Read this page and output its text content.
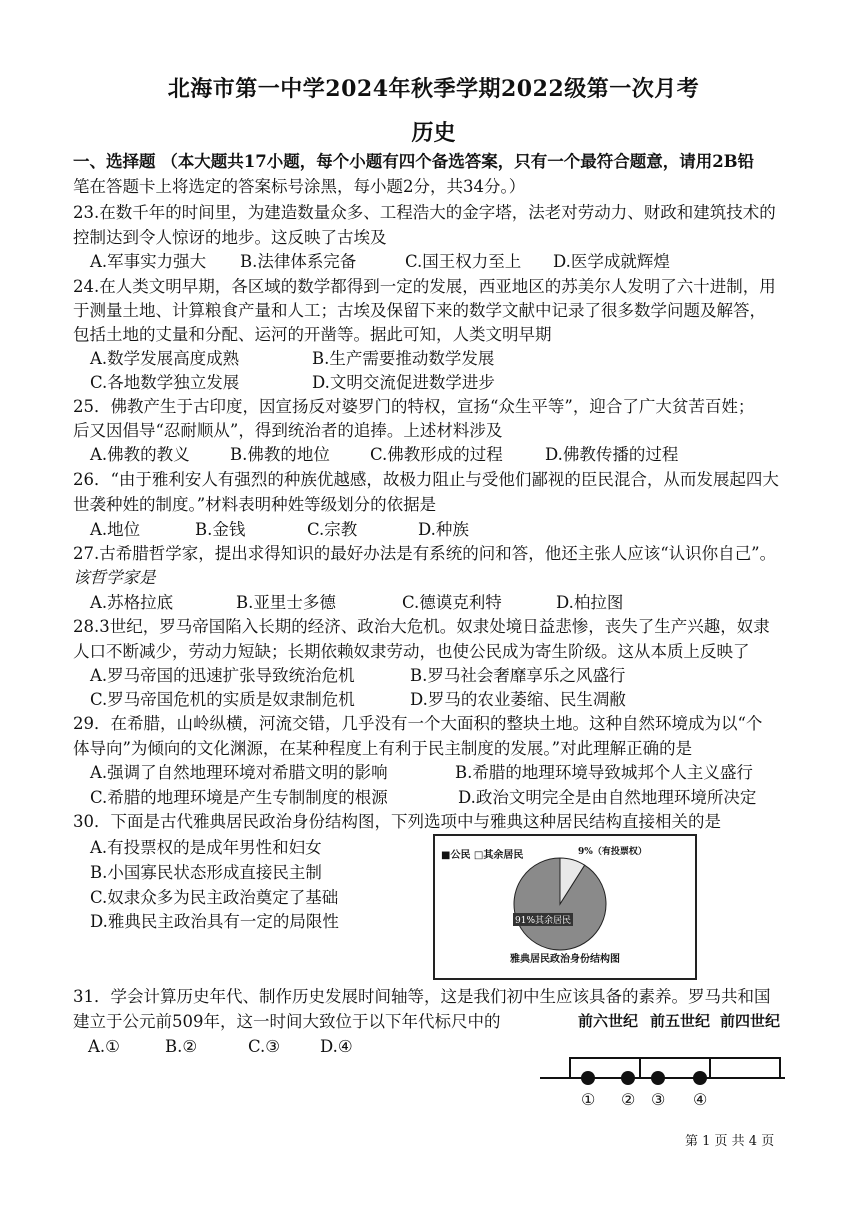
北海市第一中学2024年秋季学期2022级第一次月考
历史
一、选择题 （本大题共17小题，每个小题有四个备选答案，只有一个最符合题意，请用2B铅
笔在答题卡上将选定的答案标号涂黑，每小题2分，共34分。）
23.在数千年的时间里，为建造数量众多、工程浩大的金字塔，法老对劳动力、财政和建筑技术的
控制达到令人惊讶的地步。这反映了古埃及
A.军事实力强大 B.法律体系完备	C.国王权力至上 D.医学成就辉煌
24.在人类文明早期，各区域的数学都得到一定的发展，西亚地区的苏美尔人发明了六十进制，用
于测量土地、计算粮食产量和人工；古埃及保留下来的数学文献中记录了很多数学问题及解答，
包括土地的丈量和分配、运河的开凿等。据此可知，人类文明早期
A.数学发展高度成熟	B.生产需要推动数学发展
C.各地数学独立发展	D.文明交流促进数学进步
25．佛教产生于古印度，因宣扬反对婆罗门的特权，宣扬“众生平等”，迎合了广大贫苦百姓；
后又因倡导“忍耐顺从”，得到统治者的追捧。上述材料涉及
A.佛教的教义 B.佛教的地位 C.佛教形成的过程	D.佛教传播的过程
26．“由于雅利安人有强烈的种族优越感，故极力阻止与受他们鄙视的臣民混合，从而发展起四大
世袭种姓的制度。”材料表明种姓等级划分的依据是
A.地位	B.金钱	C.宗教	D.种族
27.古希腊哲学家，提出求得知识的最好办法是有系统的问和答，他还主张人应该“认识你自己”。
该哲学家是
A.苏格拉底	B.亚里士多德	C.德谟克利特	D.柏拉图
28.3世纪，罗马帝国陷入长期的经济、政治大危机。奴隶处境日益悲惨，丧失了生产兴趣，奴隶
人口不断减少，劳动力短缺；长期依赖奴隶劳动，也使公民成为寄生阶级。这从本质上反映了
A.罗马帝国的迅速扩张导致统治危机	B.罗马社会奢靡享乐之风盛行
C.罗马帝国危机的实质是奴隶制危机	D.罗马的农业萎缩、民生凋敝
29．在希腊，山岭纵横，河流交错，几乎没有一个大面积的整块土地。这种自然环境成为以“个
体导向”为倾向的文化渊源，在某种程度上有利于民主制度的发展。”对此理解正确的是
A.强调了自然地理环境对希腊文明的影响	B.希腊的地理环境导致城邦个人主义盛行
C.希腊的地理环境是产生专制制度的根源	D.政治文明完全是由自然地理环境所决定
30．下面是古代雅典居民政治身份结构图，下列选项中与雅典这种居民结构直接相关的是
A.有投票权的是成年男性和妇女
B.小国寡民状态形成直接民主制
C.奴隶众多为民主政治奠定了基础
D.雅典民主政治具有一定的局限性
■公民 □其余居民	9%（有投票权）
91%其余居民
雅典居民政治身份结构图
31．学会计算历史年代、制作历史发展时间轴等，这是我们初中生应该具备的素养。罗马共和国
建立于公元前509年，这一时间大致位于以下年代标尺中的
A.①	B.②	C.③ D.④
前六世纪 前五世纪 前四世纪
① ② ③ ④
第 1 页 共 4 页
